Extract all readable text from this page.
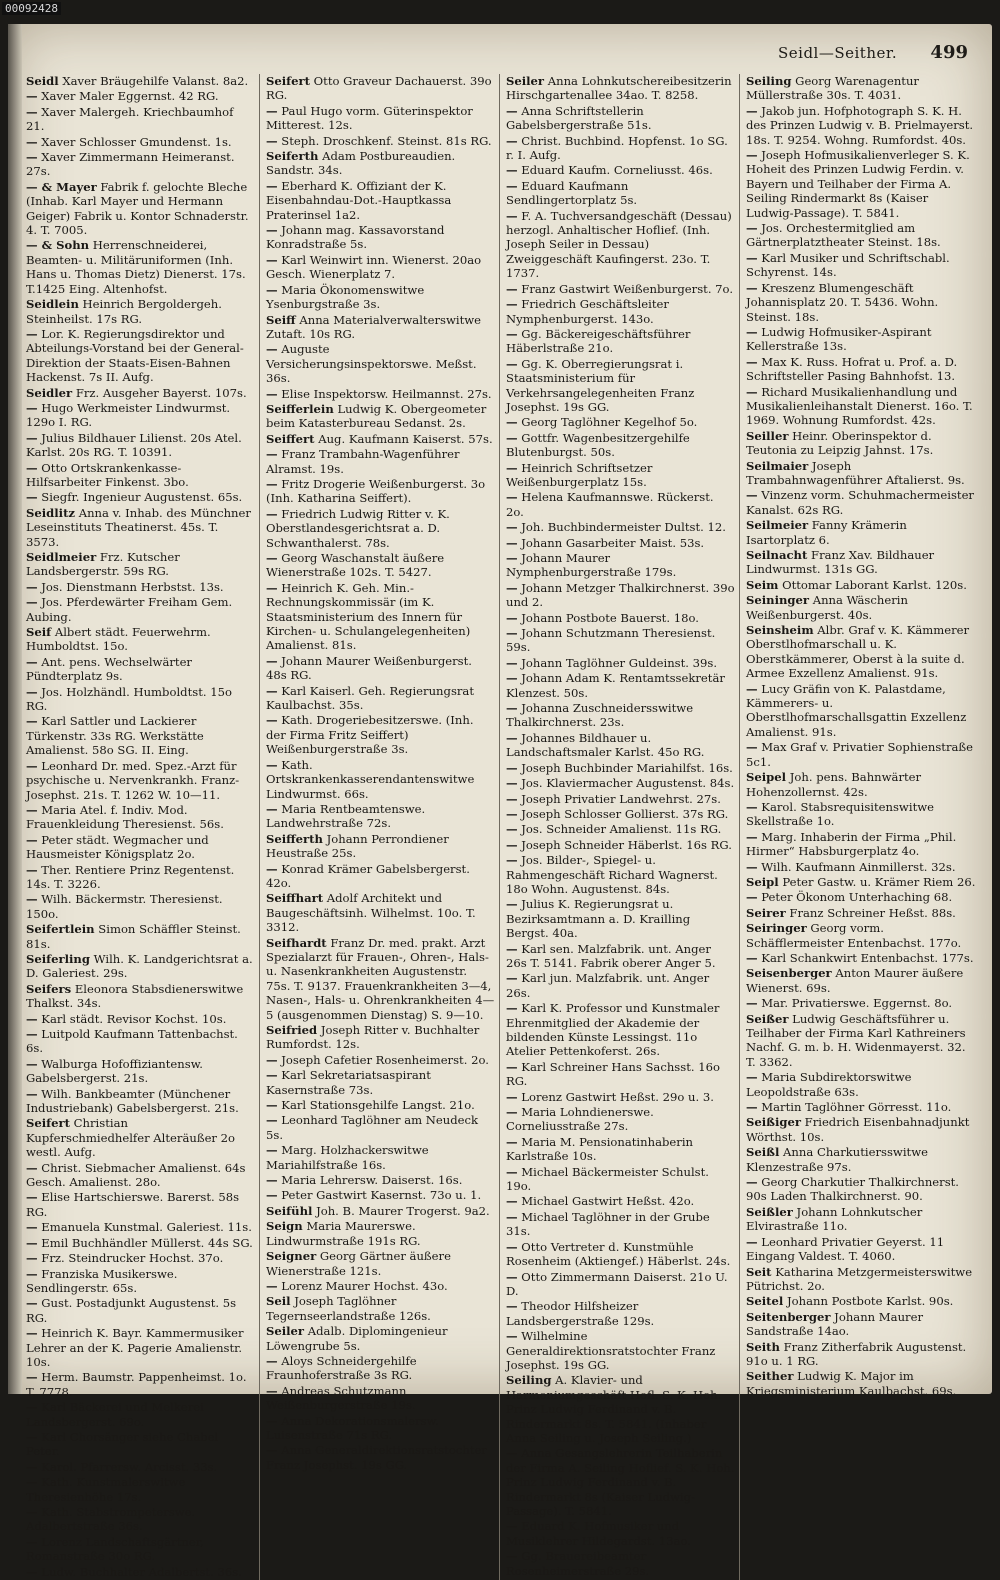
00092428
Seidl—Seither. 499

Seidl Xaver Bräugehilfe Valanst. 8a2.

— Xaver Maler Eggernst. 42 RG.

— Xaver Malergeh. Kriechbaumhof 21.

— Xaver Schlosser Gmundenst. 1s.

— Xaver Zimmermann Heimeranst. 27s.

— & Mayer Fabrik f. gelochte Bleche (Inhab. Karl Mayer und Hermann Geiger) Fabrik u. Kontor Schnaderstr. 4. T. 7005.

— & Sohn Herrenschneiderei, Beamten- u. Militäruniformen (Inh. Hans u. Thomas Dietz) Dienerst. 17s. T.1425 Eing. Altenhofst.

Seidlein Heinrich Bergoldergeh. Steinheilst. 17s RG.

— Lor. K. Regierungsdirektor und Abteilungs-Vorstand bei der General-Direktion der Staats-Eisen-Bahnen Hackenst. 7s II. Aufg.

Seidler Frz. Ausgeher Bayerst. 107s.

— Hugo Werkmeister Lindwurmst. 129o I. RG.

— Julius Bildhauer Lilienst. 20s Atel. Karlst. 20s RG. T. 10391.

— Otto Ortskrankenkasse-Hilfsarbeiter Finkenst. 3bo.

— Siegfr. Ingenieur Augustenst. 65s.

Seidlitz Anna v. Inhab. des Münchner Leseinstituts Theatinerst. 45s. T. 3573.

Seidlmeier Frz. Kutscher Landsbergerstr. 59s RG.

— Jos. Dienstmann Herbstst. 13s.

— Jos. Pferdewärter Freiham Gem. Aubing.

Seif Albert städt. Feuerwehrm. Humboldtst. 15o.

— Ant. pens. Wechselwärter Pündterplatz 9s.

— Jos. Holzhändl. Humboldtst. 15o RG.

— Karl Sattler und Lackierer Türkenstr. 33s RG. Werkstätte Amalienst. 58o SG. II. Eing.

— Leonhard Dr. med. Spez.-Arzt für psychische u. Nervenkrankh. Franz-Josephst. 21s. T. 1262 W. 10—11.

— Maria Atel. f. Indiv. Mod. Frauenkleidung Theresienst. 56s.

— Peter städt. Wegmacher und Hausmeister Königsplatz 2o.

— Ther. Rentiere Prinz Regentenst. 14s. T. 3226.

— Wilh. Bäckermstr. Theresienst. 150o.

Seifertlein Simon Schäffler Steinst. 81s.

Seiferling Wilh. K. Landgerichtsrat a. D. Galeriest. 29s.

Seifers Eleonora Stabsdienerswitwe Thalkst. 34s.

— Karl städt. Revisor Kochst. 10s.

— Luitpold Kaufmann Tattenbachst. 6s.

— Walburga Hofoffiziantensw. Gabelsbergerst. 21s.

— Wilh. Bankbeamter (Münchener Industriebank) Gabelsbergerst. 21s.

Seifert Christian Kupferschmiedhelfer Alteräußer 2o westl. Aufg.

— Christ. Siebmacher Amalienst. 64s Gesch. Amalienst. 28o.

— Elise Hartschierswe. Barerst. 58s RG.

— Emanuela Kunstmal. Galeriest. 11s.

— Emil Buchhändler Müllerst. 44s SG.

— Frz. Steindrucker Hochst. 37o.

— Franziska Musikerswe. Sendlingerstr. 65s.

— Gust. Postadjunkt Augustenst. 5s RG.

— Heinrich K. Bayr. Kammermusiker Lehrer an der K. Pagerie Amalienstr. 10s.

— Herm. Baumstr. Pappenheimst. 1o. T. 7778.

— Karl Bäckerei und Melkerei Landsbergerst. 69o.

— Karl Chorsänger siehe Chabel Peter.

— Karol. Pfarrersw. Arcisst. 33s.

— Kath. Kunstmalerswitwe Theresienhöhe 17s.

— Kath. Stabstrompeterswe. Adalbertstraße 36s.

— Lorenz Landschaftsgärtner, Romanstraße 30o RG.

— Ludw. Buchhalter Adalbertst. 36s.

Seifert Otto Graveur Dachauerst. 39o RG.

— Paul Hugo vorm. Güterinspektor Mitterest. 12s.

— Steph. Droschkenf. Steinst. 81s RG.

Seiferth Adam Postbureaudien. Sandstr. 34s.

— Eberhard K. Offiziant der K. Eisenbahndau-Dot.-Hauptkassa Praterinsel 1a2.

— Johann mag. Kassavorstand Konradstraße 5s.

— Karl Weinwirt inn. Wienerst. 20ao Gesch. Wienerplatz 7.

— Maria Ökonomenswitwe Ysenburgstraße 3s.

Seiff Anna Materialverwalterswitwe Zutaft. 10s RG.

— Auguste Versicherungsinspektorswe. Meßst. 36s.

— Elise Inspektorsw. Heilmannst. 27s.

Seifferlein Ludwig K. Obergeometer beim Katasterbureau Sedanst. 2s.

Seiffert Aug. Kaufmann Kaiserst. 57s.

— Franz Trambahn-Wagenführer Alramst. 19s.

— Fritz Drogerie Weißenburgerst. 3o (Inh. Katharina Seiffert).

— Friedrich Ludwig Ritter v. K. Oberstlandesgerichtsrat a. D. Schwanthalerst. 78s.

— Georg Waschanstalt äußere Wienerstraße 102s. T. 5427.

— Heinrich K. Geh. Min.-Rechnungskommissär (im K. Staatsministerium des Innern für Kirchen- u. Schulangelegenheiten) Amalienst. 81s.

— Johann Maurer Weißenburgerst. 48s RG.

— Karl Kaiserl. Geh. Regierungsrat Kaulbachst. 35s.

— Kath. Drogeriebesitzerswe. (Inh. der Firma Fritz Seiffert) Weißenburgerstraße 3s.

— Kath. Ortskrankenkasserendantenswitwe Lindwurmst. 66s.

— Maria Rentbeamtenswe. Landwehrstraße 72s.

Seifferth Johann Perrondiener Heustraße 25s.

— Konrad Krämer Gabelsbergerst. 42o.

Seiffhart Adolf Architekt und Baugeschäftsinh. Wilhelmst. 10o. T. 3312.

Seifhardt Franz Dr. med. prakt. Arzt Spezialarzt für Frauen-, Ohren-, Hals- u. Nasenkrankheiten Augustenstr. 75s. T. 9137. Frauenkrankheiten 3—4, Nasen-, Hals- u. Ohrenkrankheiten 4—5 (ausgenommen Dienstag) S. 9—10.

Seifried Joseph Ritter v. Buchhalter Rumfordst. 12s.

— Joseph Cafetier Rosenheimerst. 2o.

— Karl Sekretariatsaspirant Kasernstraße 73s.

— Karl Stationsgehilfe Langst. 21o.

— Leonhard Taglöhner am Neudeck 5s.

— Marg. Holzhackerswitwe Mariahilfstraße 16s.

— Maria Lehrersw. Daiserst. 16s.

— Peter Gastwirt Kasernst. 73o u. 1.

Seifühl Joh. B. Maurer Trogerst. 9a2.

Seign Maria Maurerswe. Lindwurmstraße 191s RG.

Seigner Georg Gärtner äußere Wienerstraße 121s.

— Lorenz Maurer Hochst. 43o.

Seil Joseph Taglöhner Tegernseerlandstraße 126s.

Seiler Adalb. Diplomingenieur Löwengrube 5s.

— Aloys Schneidergehilfe Fraunhoferstraße 3s RG.

— Andreas Schutzmann Weißenburgerstraße 19s.

— Anna Dekorationsmalersw. Luisenstraße 71s RG.

— Anna Generaldirektionsratstochter Franz Josephst. 19s GG.

Seiler Anna Lohnkutschereibesitzerin Hirschgartenallee 34ao. T. 8258.

— Anna Schriftstellerin Gabelsbergerstraße 51s.

— Christ. Buchbind. Hopfenst. 1o SG. r. I. Aufg.

— Eduard Kaufm. Corneliusst. 46s.

— Eduard Kaufmann Sendlingertorplatz 5s.

— F. A. Tuchversandgeschäft (Dessau) herzogl. Anhaltischer Hoflief. (Inh. Joseph Seiler in Dessau) Zweiggeschäft Kaufingerst. 23o. T. 1737.

— Franz Gastwirt Weißenburgerst. 7o.

— Friedrich Geschäftsleiter Nymphenburgerst. 143o.

— Gg. Bäckereigeschäftsführer Häberlstraße 21o.

— Gg. K. Oberregierungsrat i. Staatsministerium für Verkehrsangelegenheiten Franz Josephst. 19s GG.

— Georg Taglöhner Kegelhof 5o.

— Gottfr. Wagenbesitzergehilfe Blutenburgst. 50s.

— Heinrich Schriftsetzer Weißenburgerplatz 15s.

— Helena Kaufmannswe. Rückerst. 2o.

— Joh. Buchbindermeister Dultst. 12.

— Johann Gasarbeiter Maist. 53s.

— Johann Maurer Nymphenburgerstraße 179s.

— Johann Metzger Thalkirchnerst. 39o und 2.

— Johann Postbote Bauerst. 18o.

— Johann Schutzmann Theresienst. 59s.

— Johann Taglöhner Guldeinst. 39s.

— Johann Adam K. Rentamtssekretär Klenzest. 50s.

— Johanna Zuschneidersswitwe Thalkirchnerst. 23s.

— Johannes Bildhauer u. Landschaftsmaler Karlst. 45o RG.

— Joseph Buchbinder Mariahilfst. 16s.

— Jos. Klaviermacher Augustenst. 84s.

— Joseph Privatier Landwehrst. 27s.

— Joseph Schlosser Gollierst. 37s RG.

— Jos. Schneider Amalienst. 11s RG.

— Joseph Schneider Häberlst. 16s RG.

— Jos. Bilder-, Spiegel- u. Rahmengeschäft Richard Wagnerst. 18o Wohn. Augustenst. 84s.

— Julius K. Regierungsrat u. Bezirksamtmann a. D. Krailling Bergst. 40a.

— Karl sen. Malzfabrik. unt. Anger 26s T. 5141. Fabrik oberer Anger 5.

— Karl jun. Malzfabrik. unt. Anger 26s.

— Karl K. Professor und Kunstmaler Ehrenmitglied der Akademie der bildenden Künste Lessingst. 11o Atelier Pettenkoferst. 26s.

— Karl Schreiner Hans Sachsst. 16o RG.

— Lorenz Gastwirt Heßst. 29o u. 3.

— Maria Lohndienerswe. Corneliusstraße 27s.

— Maria M. Pensionatinhaberin Karlstraße 10s.

— Michael Bäckermeister Schulst. 19o.

— Michael Gastwirt Heßst. 42o.

— Michael Taglöhner in der Grube 31s.

— Otto Vertreter d. Kunstmühle Rosenheim (Aktiengef.) Häberlst. 24s.

— Otto Zimmermann Daiserst. 21o U. D.

— Theodor Hilfsheizer Landsbergerstraße 129s.

— Wilhelmine Generaldirektionsratstochter Franz Josephst. 19s GG.

Seiling A. Klavier- und Harmoniumgeschäft Hofl. S. K. Hoh. Prinz Ludwig Ferdinand v. B. Rindermarkt 8s. T. 5841. (Inhaber Anna Seiling u. Joseph Seiling.)

— Anna Gesangslehrerin Teilhaberin der Firma A. Seiling Hoflief. S. K. Hoh. Prinz Ludwig Ferdinand v. B. Rindermarkt 8s (Kaiser Ludwig-Passage). T. 5841.

— Eduard K. Hofmusiker und Musiklehrer Hildegardst. 13ao.

— Gg. Brauereibeamter Rosenheimerstraße 29s.

Seiling Georg Warenagentur Müllerstraße 30s. T. 4031.

— Jakob jun. Hofphotograph S. K. H. des Prinzen Ludwig v. B. Prielmayerst. 18s. T. 9254. Wohng. Rumfordst. 40s.

— Joseph Hofmusikalienverleger S. K. Hoheit des Prinzen Ludwig Ferdin. v. Bayern und Teilhaber der Firma A. Seiling Rindermarkt 8s (Kaiser Ludwig-Passage). T. 5841.

— Jos. Orchestermitglied am Gärtnerplatztheater Steinst. 18s.

— Karl Musiker und Schriftschabl. Schyrenst. 14s.

— Kreszenz Blumengeschäft Johannisplatz 20. T. 5436. Wohn. Steinst. 18s.

— Ludwig Hofmusiker-Aspirant Kellerstraße 13s.

— Max K. Russ. Hofrat u. Prof. a. D. Schriftsteller Pasing Bahnhofst. 13.

— Richard Musikalienhandlung und Musikalienleihanstalt Dienerst. 16o. T. 1969. Wohnung Rumfordst. 42s.

Seiller Heinr. Oberinspektor d. Teutonia zu Leipzig Jahnst. 17s.

Seilmaier Joseph Trambahnwagenführer Aftalierst. 9s.

— Vinzenz vorm. Schuhmachermeister Kanalst. 62s RG.

Seilmeier Fanny Krämerin Isartorplatz 6.

Seilnacht Franz Xav. Bildhauer Lindwurmst. 131s GG.

Seim Ottomar Laborant Karlst. 120s.

Seininger Anna Wäscherin Weißenburgerst. 40s.

Seinsheim Albr. Graf v. K. Kämmerer Oberstlhofmarschall u. K. Oberstkämmerer, Oberst à la suite d. Armee Exzellenz Amalienst. 91s.

— Lucy Gräfin von K. Palastdame, Kämmerers- u. Oberstlhofmarschallsgattin Exzellenz Amalienst. 91s.

— Max Graf v. Privatier Sophienstraße 5c1.

Seipel Joh. pens. Bahnwärter Hohenzollernst. 42s.

— Karol. Stabsrequisitenswitwe Skellstraße 1o.

— Marg. Inhaberin der Firma „Phil. Hirmer“ Habsburgerplatz 4o.

— Wilh. Kaufmann Ainmillerst. 32s.

Seipl Peter Gastw. u. Krämer Riem 26.

— Peter Ökonom Unterhaching 68.

Seirer Franz Schreiner Heßst. 88s.

Seiringer Georg vorm. Schäfflermeister Entenbachst. 177o.

— Karl Schankwirt Entenbachst. 177s.

Seisenberger Anton Maurer äußere Wienerst. 69s.

— Mar. Privatierswe. Eggernst. 8o.

Seißer Ludwig Geschäftsführer u. Teilhaber der Firma Karl Kathreiners Nachf. G. m. b. H. Widenmayerst. 32. T. 3362.

— Maria Subdirektorswitwe Leopoldstraße 63s.

— Martin Taglöhner Görresst. 11o.

Seißiger Friedrich Eisenbahnadjunkt Wörthst. 10s.

Seißl Anna Charkutiersswitwe Klenzestraße 97s.

— Georg Charkutier Thalkirchnerst. 90s Laden Thalkirchnerst. 90.

Seißler Johann Lohnkutscher Elvirastraße 11o.

— Leonhard Privatier Geyerst. 11 Eingang Valdest. T. 4060.

Seit Katharina Metzgermeisterswitwe Pütrichst. 2o.

Seitel Johann Postbote Karlst. 90s.

Seitenberger Johann Maurer Sandstraße 14ao.

Seith Franz Zitherfabrik Augustenst. 91o u. 1 RG.

Seither Ludwig K. Major im Kriegsministerium Kaulbachst. 69s.
